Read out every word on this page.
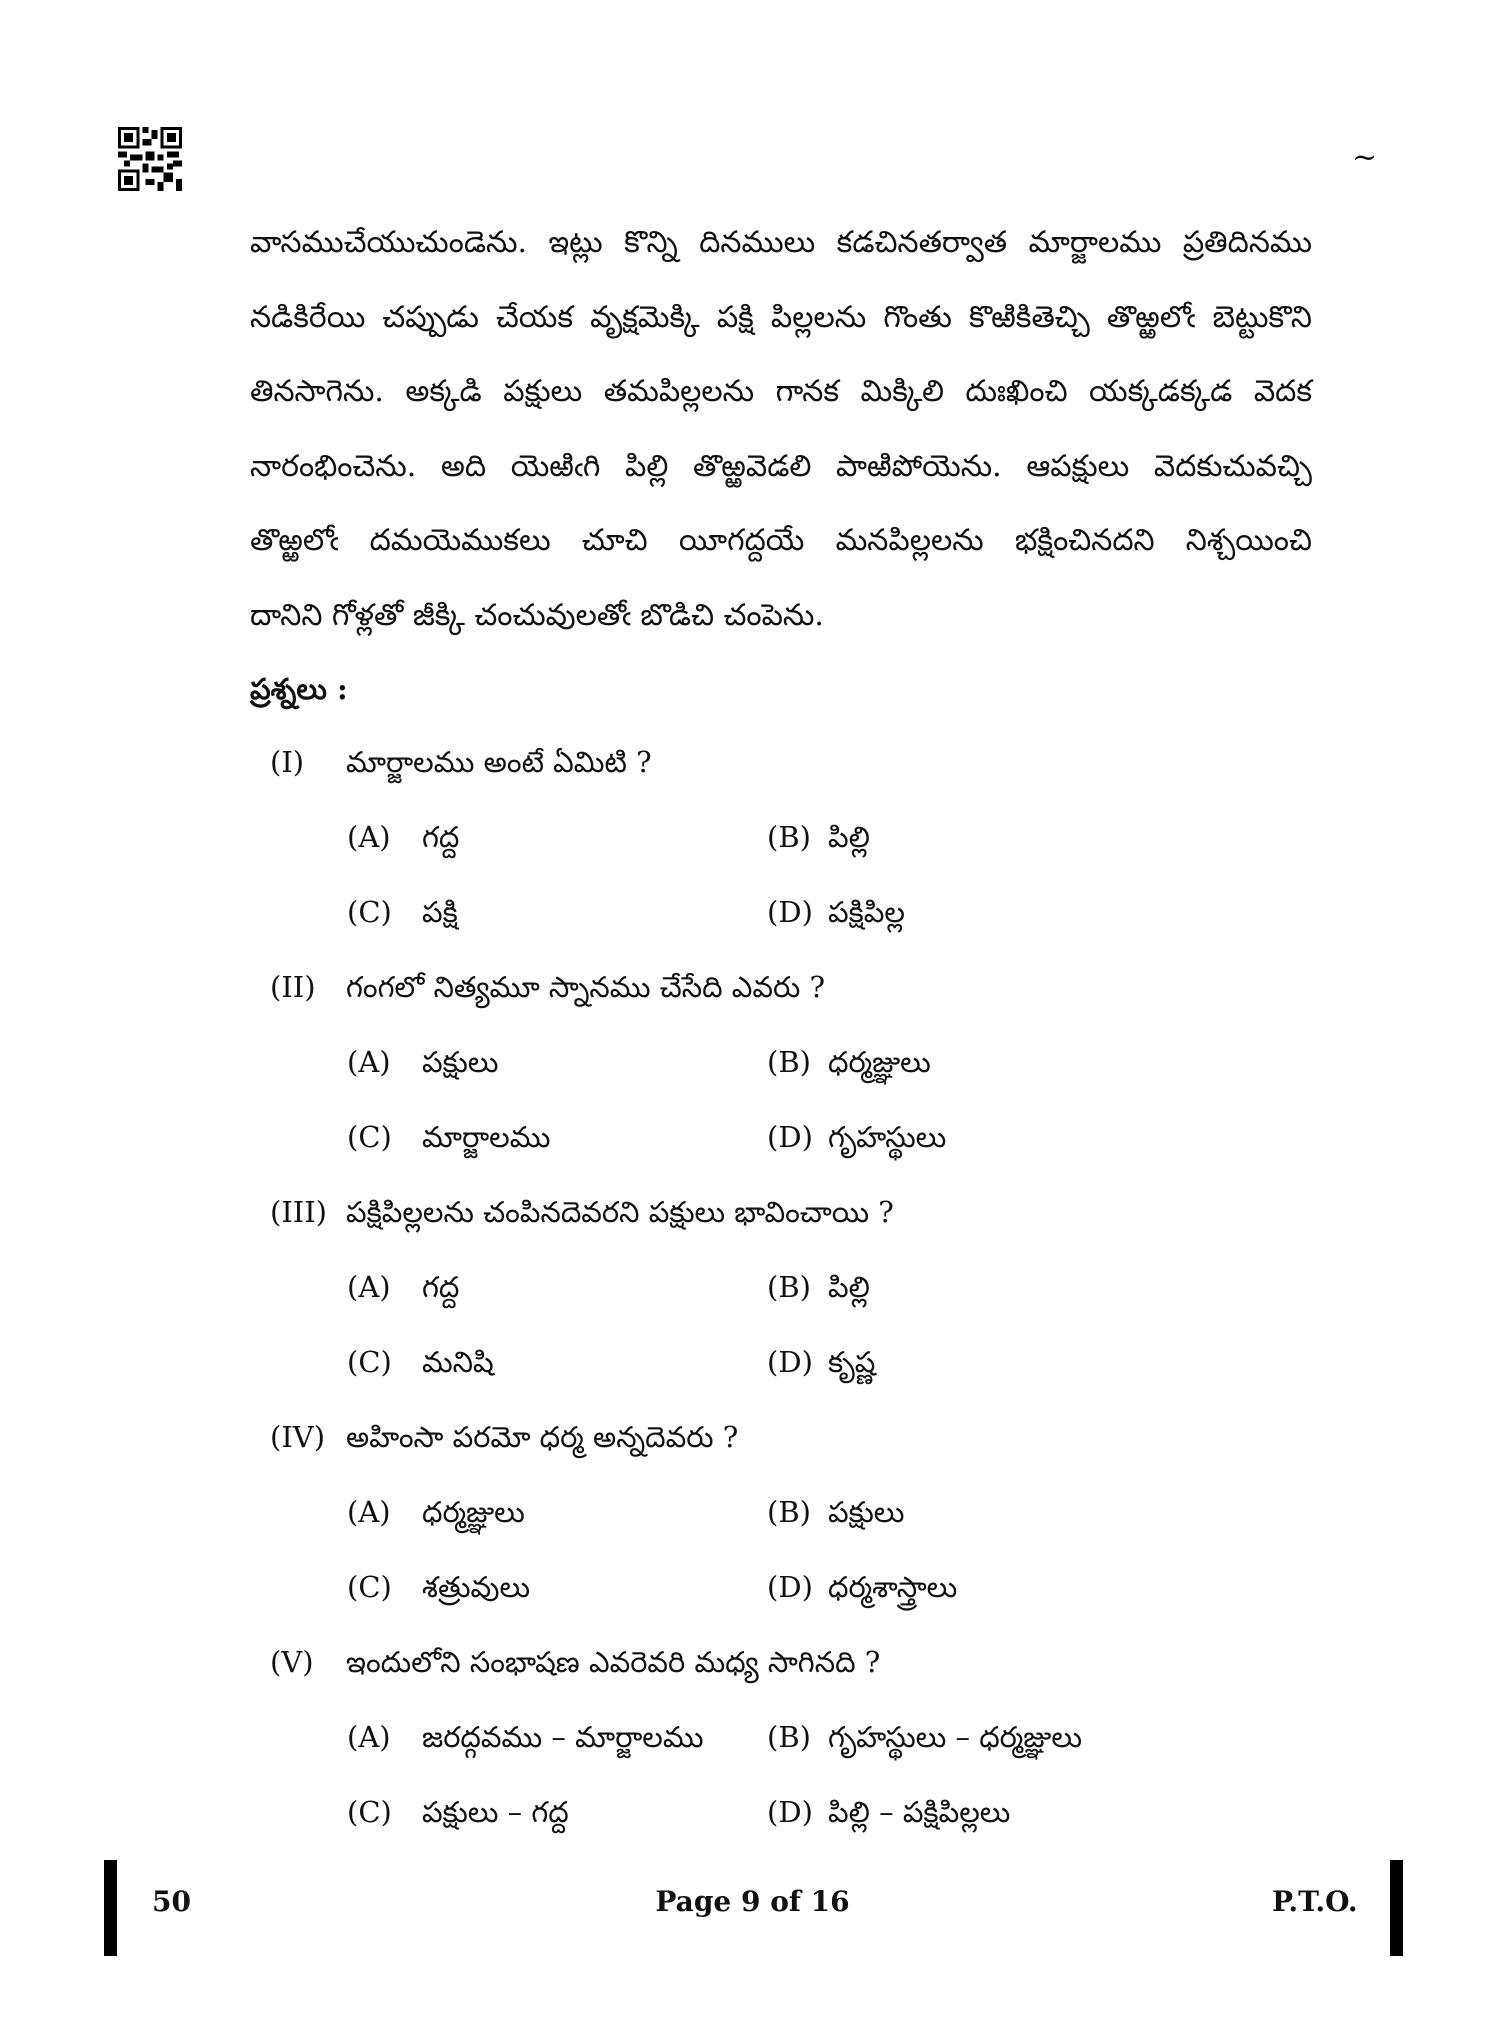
~
వాసముచేయుచుండెను. ఇట్లు కొన్ని దినములు కడచినతర్వాత మార్జాలము ప్రతిదినము
నడికిరేయి చప్పుడు చేయక వృక్షమెక్కి పక్షి పిల్లలను గొంతు కొఱికితెచ్చి తొఱ్ఱలోఁ బెట్టుకొని
తినసాగెను. అక్కడి పక్షులు తమపిల్లలను గానక మిక్కిలి దుఃఖించి యక్కడక్కడ వెదక
నారంభించెను. అది యెఱిఁగి పిల్లి తొఱ్ఱవెడలి పాఱిపోయెను. ఆపక్షులు వెదకుచువచ్చి
తొఱ్ఱలోఁ దమయెముకలు చూచి యీగద్దయే మనపిల్లలను భక్షించినదని నిశ్చయించి
దానిని గోళ్లతో జీక్కి చంచువులతోఁ బొడిచి చంపెను.
ప్రశ్నలు :
(I) మార్జాలము అంటే ఏమిటి ?
(A) గద్ద	(B) పిల్లి
(C) పక్షి	(D) పక్షిపిల్ల
(II) గంగలో నిత్యమూ స్నానము చేసేది ఎవరు ?
(A) పక్షులు	(B) ధర్మజ్ఞులు
(C) మార్జాలము	(D) గృహస్థులు
(III) పక్షిపిల్లలను చంపినదెవరని పక్షులు భావించాయి ?
(A) గద్ద	(B) పిల్లి
(C) మనిషి	(D) కృష్ణ
(IV) అహింసా పరమో ధర్మ అన్నదెవరు ?
(A) ధర్మజ్ఞులు	(B) పక్షులు
(C) శత్రువులు	(D) ధర్మశాస్త్రాలు
(V) ఇందులోని సంభాషణ ఎవరెవరి మధ్య సాగినది ?
(A) జరద్గవము – మార్జాలము (B) గృహస్థులు – ధర్మజ్ఞులు
(C) పక్షులు – గద్ద	(D) పిల్లి – పక్షిపిల్లలు
50	Page 9 of 16	P.T.O.
